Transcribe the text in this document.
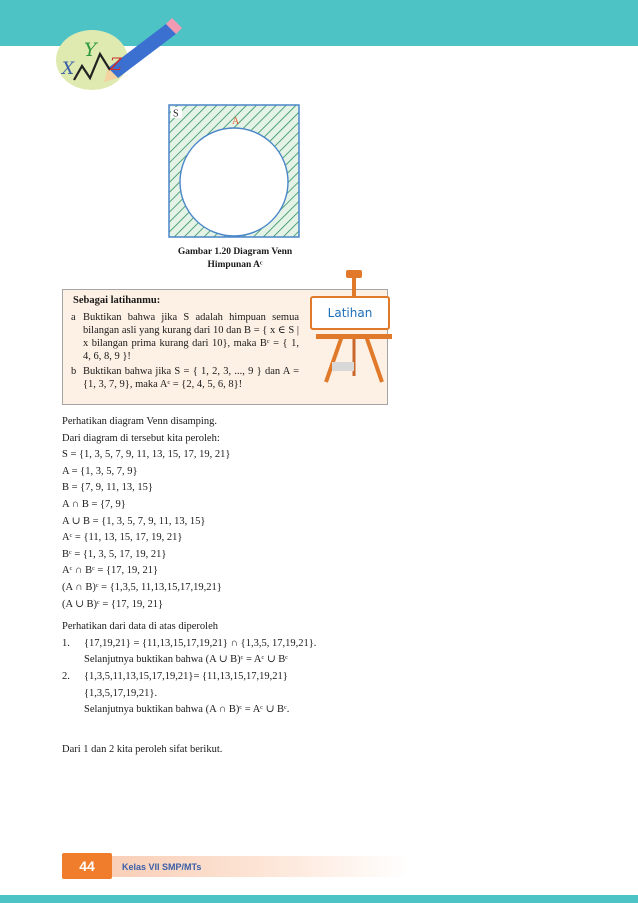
X
Y
Z
S
A
Gambar 1.20 Diagram Venn
Himpunan Aᶜ
Sebagai latihanmu:
a Buktikan bahwa jika S adalah himpuan semua bilangan asli yang kurang dari 10 dan B = { x ∈ S | x bilangan prima kurang dari 10}, maka Bᶜ = { 1, 4, 6, 8, 9 }!
b Buktikan bahwa jika S = { 1, 2, 3, ..., 9 } dan A = {1, 3, 7, 9}, maka Aᶜ = {2, 4, 5, 6, 8}!
Latihan
Perhatikan diagram Venn disamping.
Dari diagram di tersebut kita peroleh:
S = {1, 3, 5, 7, 9, 11, 13, 15, 17, 19, 21}
A = {1, 3, 5, 7, 9}
B = {7, 9, 11, 13, 15}
A ∩ B = {7, 9}
A ∪ B = {1, 3, 5, 7, 9, 11, 13, 15}
Aᶜ = {11, 13, 15, 17, 19, 21}
Bᶜ = {1, 3, 5, 17, 19, 21}
Aᶜ ∩ Bᶜ = {17, 19, 21}
(A ∩ B)ᶜ = {1,3,5, 11,13,15,17,19,21}
(A ∪ B)ᶜ = {17, 19, 21}
Perhatikan dari data di atas diperoleh
1.	{17,19,21} = {11,13,15,17,19,21} ∩ {1,3,5, 17,19,21}.
Selanjutnya buktikan bahwa (A ∪ B)ᶜ = Aᶜ ∪ Bᶜ
2.	{1,3,5,11,13,15,17,19,21}= {11,13,15,17,19,21}
{1,3,5,17,19,21}.
Selanjutnya buktikan bahwa (A ∩ B)ᶜ = Aᶜ ∪ Bᶜ.
Dari 1 dan 2 kita peroleh sifat berikut.
44	Kelas VII SMP/MTs
